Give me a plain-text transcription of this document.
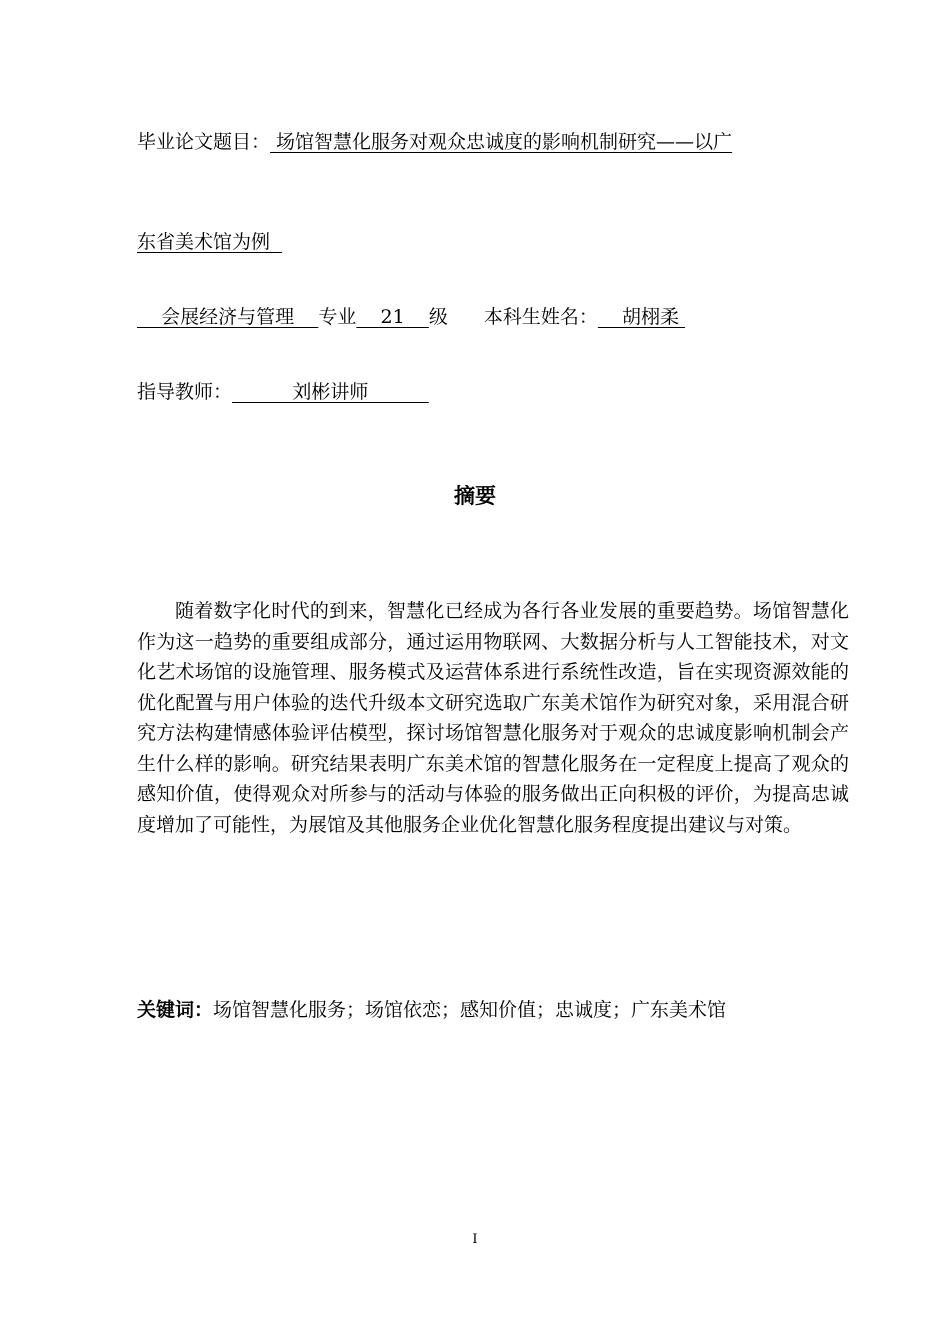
毕业论文题目： 场馆智慧化服务对观众忠诚度的影响机制研究——以广
东省美术馆为例
会展经济与管理    专业    21    级 本科生姓名：    胡栩柔
指导教师：          刘彬讲师
摘要
随着数字化时代的到来，智慧化已经成为各行各业发展的重要趋势。场馆智慧化作为这一趋势的重要组成部分，通过运用物联网、大数据分析与人工智能技术，对文化艺术场馆的设施管理、服务模式及运营体系进行系统性改造，旨在实现资源效能的优化配置与用户体验的迭代升级本文研究选取广东美术馆作为研究对象，采用混合研究方法构建情感体验评估模型，探讨场馆智慧化服务对于观众的忠诚度影响机制会产生什么样的影响。研究结果表明广东美术馆的智慧化服务在一定程度上提高了观众的感知价值，使得观众对所参与的活动与体验的服务做出正向积极的评价，为提高忠诚度增加了可能性，为展馆及其他服务企业优化智慧化服务程度提出建议与对策。
关键词：场馆智慧化服务；场馆依恋；感知价值；忠诚度；广东美术馆
I
